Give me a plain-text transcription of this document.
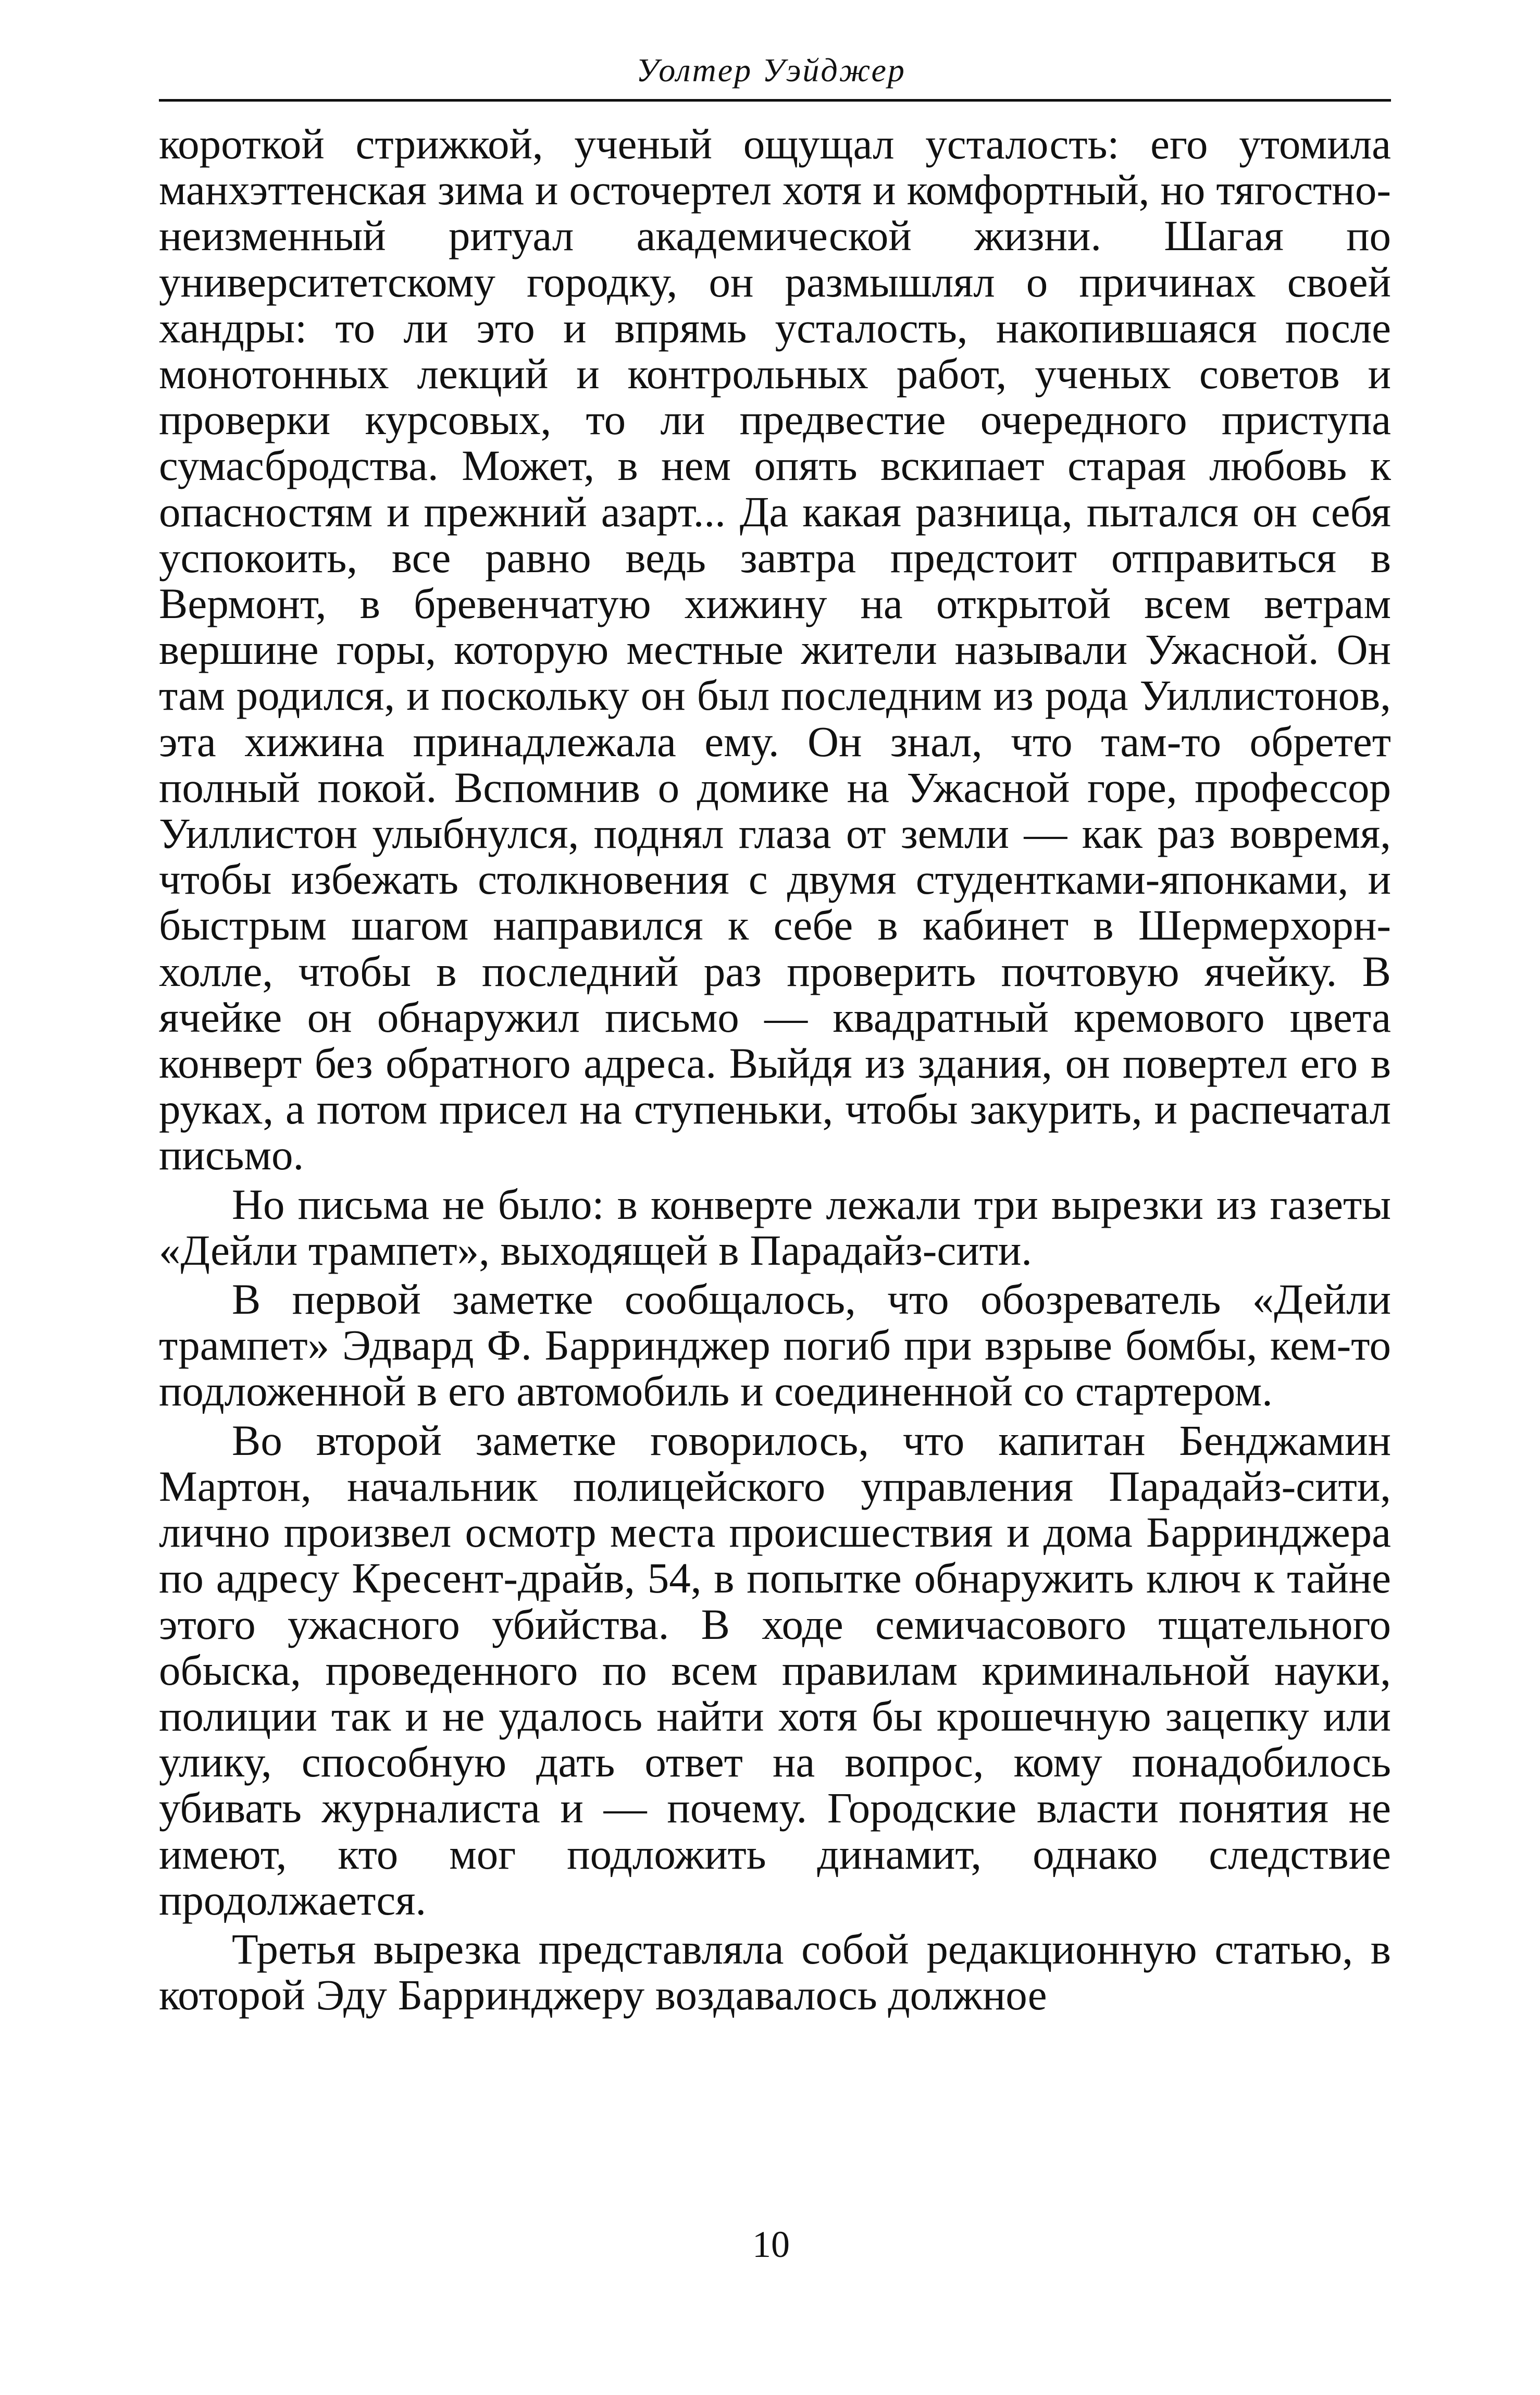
Уолтер Уэйджер

короткой стрижкой, ученый ощущал усталость: его утомила манхэттенская зима и осточертел хотя и комфортный, но тягостно-неизменный ритуал академической жизни. Шагая по университетскому городку, он размышлял о причинах своей хандры: то ли это и впрямь усталость, накопившаяся после монотонных лекций и контрольных работ, ученых советов и проверки курсовых, то ли предвестие очередного приступа сумасбродства. Может, в нем опять вскипает старая любовь к опасностям и прежний азарт... Да какая разница, пытался он себя успокоить, все равно ведь завтра предстоит отправиться в Вермонт, в бревенчатую хижину на открытой всем ветрам вершине горы, которую местные жители называли Ужасной. Он там родился, и поскольку он был последним из рода Уиллистонов, эта хижина принадлежала ему. Он знал, что там-то обретет полный покой. Вспомнив о домике на Ужасной горе, профессор Уиллистон улыбнулся, поднял глаза от земли — как раз вовремя, чтобы избежать столкновения с двумя студентками-японками, и быстрым шагом направился к себе в кабинет в Шермерхорн-холле, чтобы в последний раз проверить почтовую ячейку. В ячейке он обнаружил письмо — квадратный кремового цвета конверт без обратного адреса. Выйдя из здания, он повертел его в руках, а потом присел на ступеньки, чтобы закурить, и распечатал письмо.

Но письма не было: в конверте лежали три вырезки из газеты «Дейли трампет», выходящей в Парадайз-сити.

В первой заметке сообщалось, что обозреватель «Дейли трампет» Эдвард Ф. Барринджер погиб при взрыве бомбы, кем-то подложенной в его автомобиль и соединенной со стартером.

Во второй заметке говорилось, что капитан Бенджамин Мартон, начальник полицейского управления Парадайз-сити, лично произвел осмотр места происшествия и дома Барринджера по адресу Кресент-драйв, 54, в попытке обнаружить ключ к тайне этого ужасного убийства. В ходе семичасового тщательного обыска, проведенного по всем правилам криминальной науки, полиции так и не удалось найти хотя бы крошечную зацепку или улику, способную дать ответ на вопрос, кому понадобилось убивать журналиста и — почему. Городские власти понятия не имеют, кто мог подложить динамит, однако следствие продолжается.

Третья вырезка представляла собой редакционную статью, в которой Эду Барринджеру воздавалось должное

10
